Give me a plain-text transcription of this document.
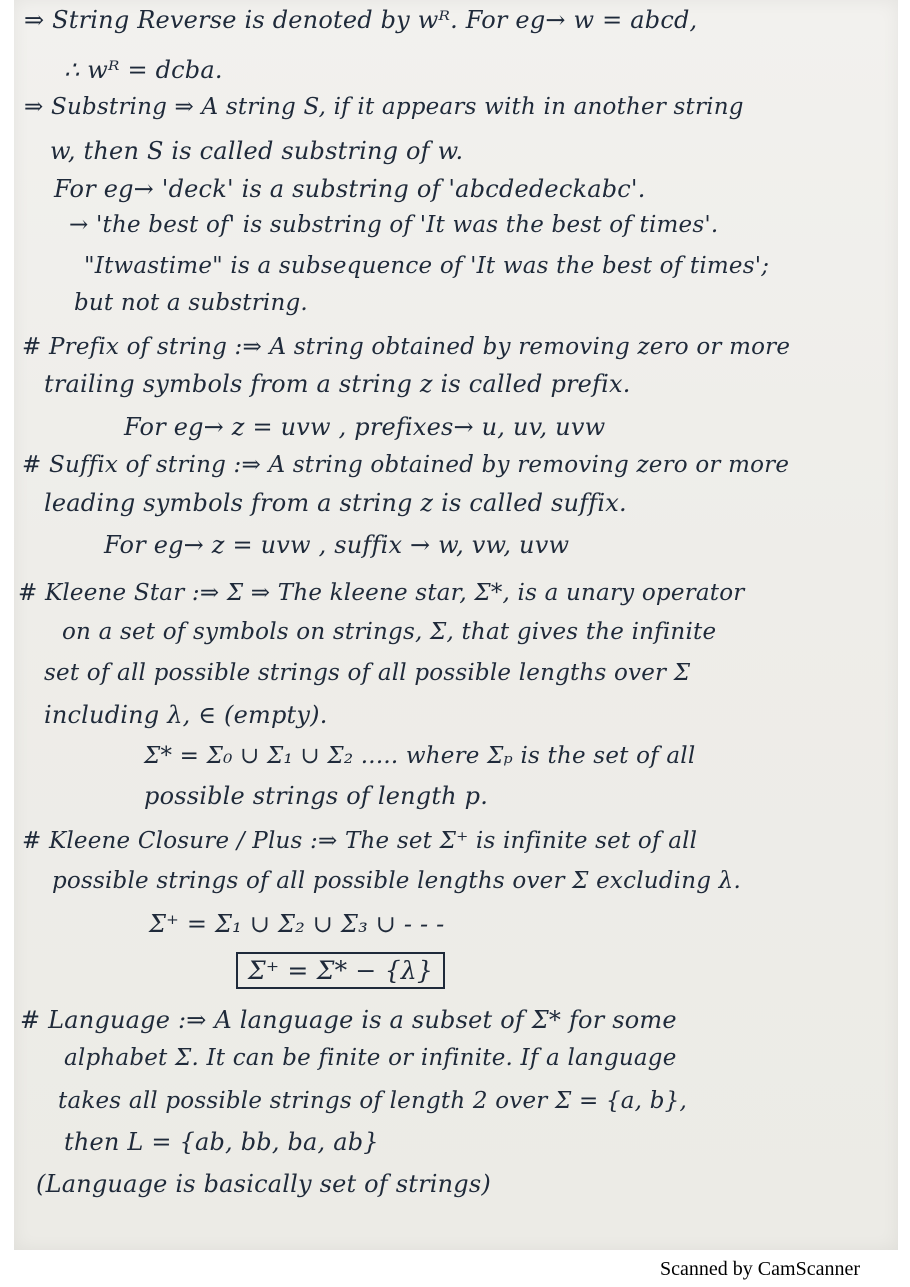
⇒ String Reverse is denoted by wᴿ. For eg→ w = abcd,
∴ wᴿ = dcba.
⇒ Substring ⇒ A string S, if it appears with in another string
w, then S is called substring of w.
For eg→ 'deck' is a substring of 'abcdedeckabc'.
→ 'the best of' is substring of 'It was the best of times'.
"Itwastime" is a subsequence of 'It was the best of times';
but not a substring.
# Prefix of string :⇒ A string obtained by removing zero or more
trailing symbols from a string z is called prefix.
For eg→ z = uvw , prefixes→ u, uv, uvw
# Suffix of string :⇒ A string obtained by removing zero or more
leading symbols from a string z is called suffix.
For eg→ z = uvw , suffix → w, vw, uvw
# Kleene Star :⇒ Σ ⇒ The kleene star, Σ*, is a unary operator
on a set of symbols on strings, Σ, that gives the infinite
set of all possible strings of all possible lengths over Σ
including λ, ∈ (empty).
Σ* = Σ₀ ∪ Σ₁ ∪ Σ₂ ..... where Σₚ is the set of all
possible strings of length p.
# Kleene Closure / Plus :⇒ The set Σ⁺ is infinite set of all
possible strings of all possible lengths over Σ excluding λ.
Σ⁺ = Σ₁ ∪ Σ₂ ∪ Σ₃ ∪ - - -
# Language :⇒ A language is a subset of Σ* for some
alphabet Σ. It can be finite or infinite. If a language
takes all possible strings of length 2 over Σ = {a, b},
then L = {ab, bb, ba, ab}
(Language is basically set of strings)
Σ⁺ = Σ* − {λ}
Scanned by CamScanner
